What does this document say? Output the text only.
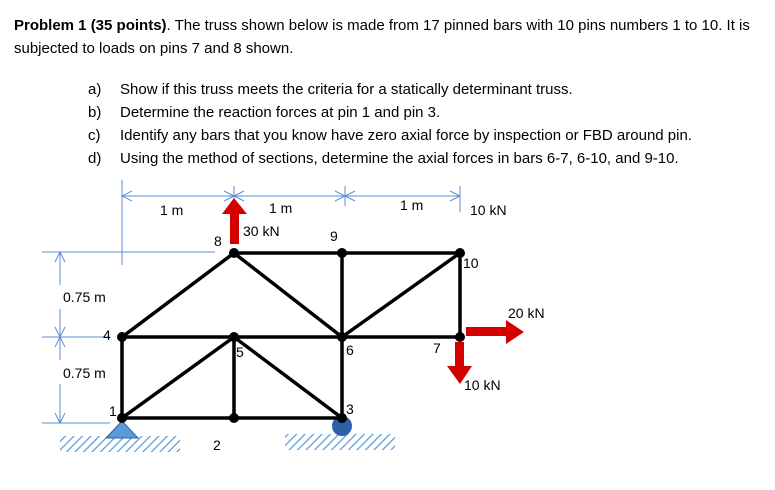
Problem 1 (35 points). The truss shown below is made from 17 pinned bars with 10 pins numbers 1 to 10. It is subjected to loads on pins 7 and 8 shown.
a)	Show if this truss meets the criteria for a statically determinant truss.
b)	Determine the reaction forces at pin 1 and pin 3.
c)	Identify any bars that you know have zero axial force by inspection or FBD around pin.
d)	Using the method of sections, determine the axial forces in bars 6-7, 6-10, and 9-10.
1
2
3
4
5	6	7
8	9
10
1 m	1 m	1 m
0.75 m
0.75 m
30 kN
20 kN
10 kN
10 kN
